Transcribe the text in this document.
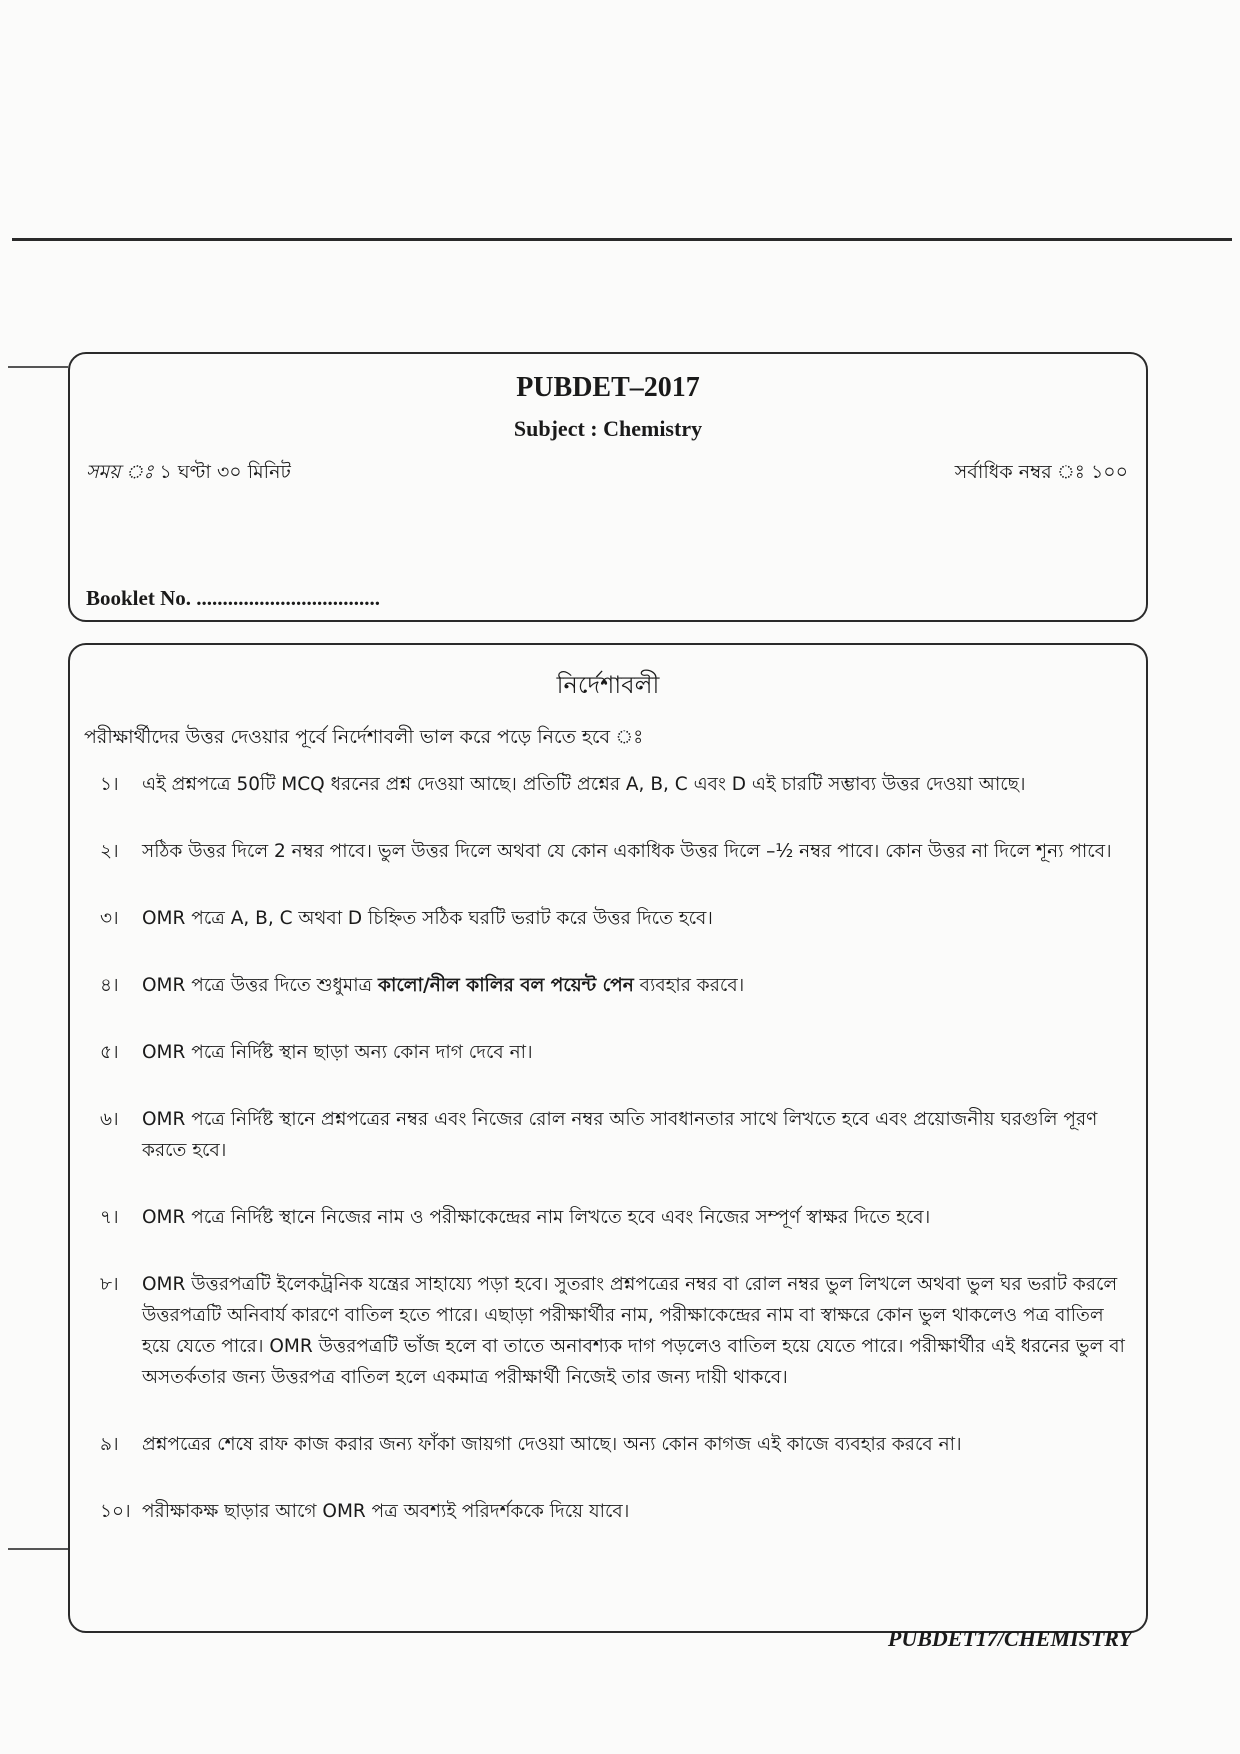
PUBDET–2017
Subject : Chemistry
সময় ঃ ১ ঘণ্টা ৩০ মিনিট	সর্বাধিক নম্বর ঃ ১০০
Booklet No. ...................................
নির্দেশাবলী
পরীক্ষার্থীদের উত্তর দেওয়ার পূর্বে নির্দেশাবলী ভাল করে পড়ে নিতে হবে ঃ
১।	এই প্রশ্নপত্রে 50টি MCQ ধরনের প্রশ্ন দেওয়া আছে। প্রতিটি প্রশ্নের A, B, C এবং D এই চারটি সম্ভাব্য উত্তর দেওয়া আছে।
২।	সঠিক উত্তর দিলে 2 নম্বর পাবে। ভুল উত্তর দিলে অথবা যে কোন একাধিক উত্তর দিলে –½ নম্বর পাবে। কোন উত্তর না দিলে শূন্য পাবে।
৩।	OMR পত্রে A, B, C অথবা D চিহ্নিত সঠিক ঘরটি ভরাট করে উত্তর দিতে হবে।
৪।	OMR পত্রে উত্তর দিতে শুধুমাত্র কালো/নীল কালির বল পয়েন্ট পেন ব্যবহার করবে।
৫।	OMR পত্রে নির্দিষ্ট স্থান ছাড়া অন্য কোন দাগ দেবে না।
৬।	OMR পত্রে নির্দিষ্ট স্থানে প্রশ্নপত্রের নম্বর এবং নিজের রোল নম্বর অতি সাবধানতার সাথে লিখতে হবে এবং প্রয়োজনীয় ঘরগুলি পূরণ করতে হবে।
৭।	OMR পত্রে নির্দিষ্ট স্থানে নিজের নাম ও পরীক্ষাকেন্দ্রের নাম লিখতে হবে এবং নিজের সম্পূর্ণ স্বাক্ষর দিতে হবে।
৮।	OMR উত্তরপত্রটি ইলেকট্রনিক যন্ত্রের সাহায্যে পড়া হবে। সুতরাং প্রশ্নপত্রের নম্বর বা রোল নম্বর ভুল লিখলে অথবা ভুল ঘর ভরাট করলে উত্তরপত্রটি অনিবার্য কারণে বাতিল হতে পারে। এছাড়া পরীক্ষার্থীর নাম, পরীক্ষাকেন্দ্রের নাম বা স্বাক্ষরে কোন ভুল থাকলেও পত্র বাতিল হয়ে যেতে পারে। OMR উত্তরপত্রটি ভাঁজ হলে বা তাতে অনাবশ্যক দাগ পড়লেও বাতিল হয়ে যেতে পারে। পরীক্ষার্থীর এই ধরনের ভুল বা অসতর্কতার জন্য উত্তরপত্র বাতিল হলে একমাত্র পরীক্ষার্থী নিজেই তার জন্য দায়ী থাকবে।
৯।	প্রশ্নপত্রের শেষে রাফ কাজ করার জন্য ফাঁকা জায়গা দেওয়া আছে। অন্য কোন কাগজ এই কাজে ব্যবহার করবে না।
১০। পরীক্ষাকক্ষ ছাড়ার আগে OMR পত্র অবশ্যই পরিদর্শককে দিয়ে যাবে।
PUBDET17/CHEMISTRY
